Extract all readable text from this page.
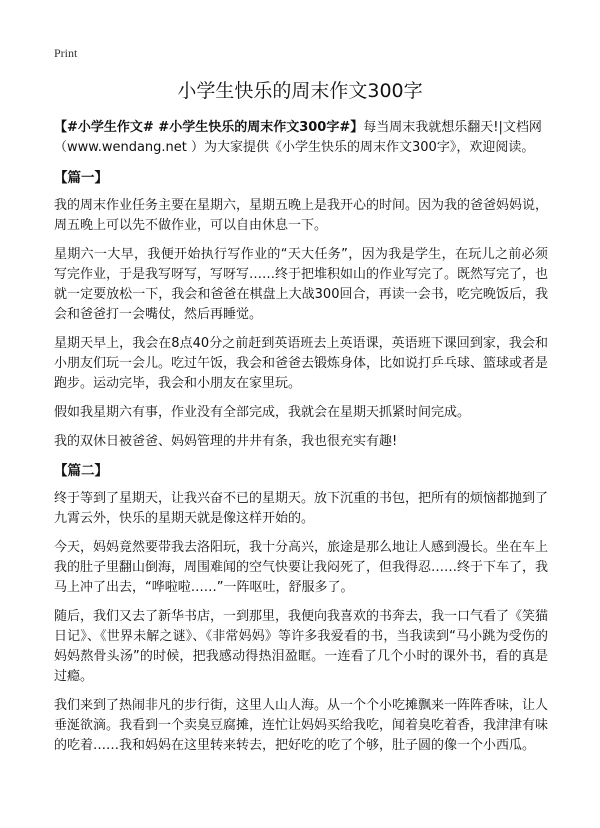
Print
小学生快乐的周末作文300字

【#小学生作文# #小学生快乐的周末作文300字#】每当周末我就想乐翻天!|文档网（www.wendang.net ）为大家提供《小学生快乐的周末作文300字》，欢迎阅读。

【篇一】

我的周末作业任务主要在星期六，星期五晚上是我开心的时间。因为我的爸爸妈妈说，周五晚上可以先不做作业，可以自由休息一下。

星期六一大早，我便开始执行写作业的“天大任务”，因为我是学生，在玩儿之前必须写完作业，于是我写呀写，写呀写……终于把堆积如山的作业写完了。既然写完了，也就一定要放松一下，我会和爸爸在棋盘上大战300回合，再读一会书，吃完晚饭后，我会和爸爸打一会嘴仗，然后再睡觉。

星期天早上，我会在8点40分之前赶到英语班去上英语课，英语班下课回到家，我会和小朋友们玩一会儿。吃过午饭，我会和爸爸去锻炼身体，比如说打乒乓球、篮球或者是跑步。运动完毕，我会和小朋友在家里玩。

假如我星期六有事，作业没有全部完成，我就会在星期天抓紧时间完成。

我的双休日被爸爸、妈妈管理的井井有条，我也很充实有趣!

【篇二】

终于等到了星期天，让我兴奋不已的星期天。放下沉重的书包，把所有的烦恼都抛到了九霄云外，快乐的星期天就是像这样开始的。

今天，妈妈竟然要带我去洛阳玩，我十分高兴，旅途是那么地让人感到漫长。坐在车上我的肚子里翻山倒海，周围难闻的空气快要让我闷死了，但我得忍……终于下车了，我马上冲了出去，“哗啦啦……”一阵呕吐，舒服多了。

随后，我们又去了新华书店，一到那里，我便向我喜欢的书奔去，我一口气看了《笑猫日记》、《世界未解之谜》、《非常妈妈》等许多我爱看的书，当我读到“马小跳为受伤的妈妈熬骨头汤”的时候，把我感动得热泪盈眶。一连看了几个小时的课外书，看的真是过瘾。

我们来到了热闹非凡的步行街，这里人山人海。从一个个小吃摊飘来一阵阵香味，让人垂涎欲滴。我看到一个卖臭豆腐摊，连忙让妈妈买给我吃，闻着臭吃着香，我津津有味的吃着……我和妈妈在这里转来转去，把好吃的吃了个够，肚子圆的像一个小西瓜。
